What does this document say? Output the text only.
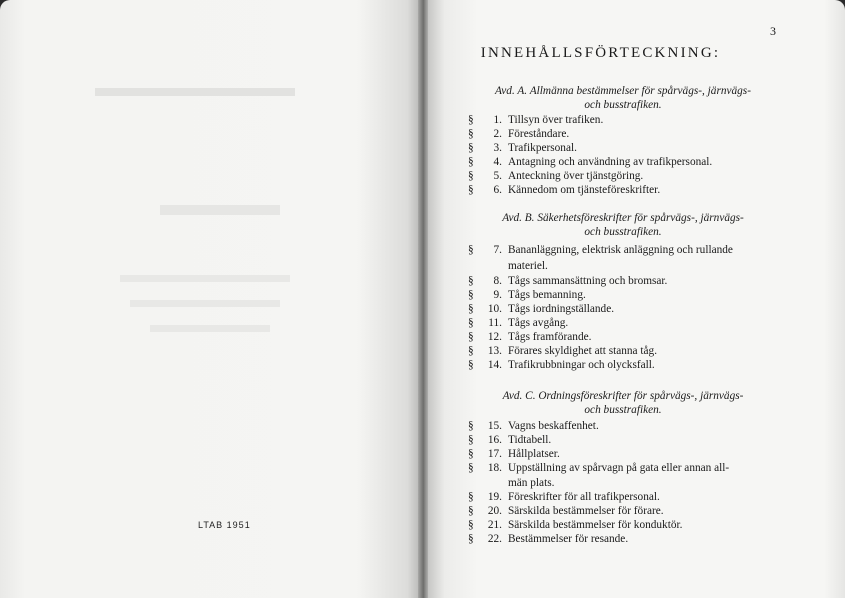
LTAB 1951
3
INNEHÅLLSFÖRTECKNING:
Avd. A. Allmänna bestämmelser för spårvägs-, järnvägs-
och busstrafiken.
§	1. Tillsyn över trafiken.
§	2. Föreståndare.
§	3. Trafikpersonal.
§	4. Antagning och användning av trafikpersonal.
§	5. Anteckning över tjänstgöring.
§	6. Kännedom om tjänsteföreskrifter.
Avd. B. Säkerhetsföreskrifter för spårvägs-, järnvägs-
och busstrafiken.
§	7. Bananläggning, elektrisk anläggning och rullande
materiel.
§	8. Tågs sammansättning och bromsar.
§	9. Tågs bemanning.
§	10. Tågs iordningställande.
§	11. Tågs avgång.
§	12. Tågs framförande.
§	13. Förares skyldighet att stanna tåg.
§	14. Trafikrubbningar och olycksfall.
Avd. C. Ordningsföreskrifter för spårvägs-, järnvägs-
och busstrafiken.
§	15. Vagns beskaffenhet.
§	16. Tidtabell.
§	17. Hållplatser.
§	18. Uppställning av spårvagn på gata eller annan all-
män plats.
§	19. Föreskrifter för all trafikpersonal.
§	20. Särskilda bestämmelser för förare.
§	21. Särskilda bestämmelser för konduktör.
§	22. Bestämmelser för resande.
